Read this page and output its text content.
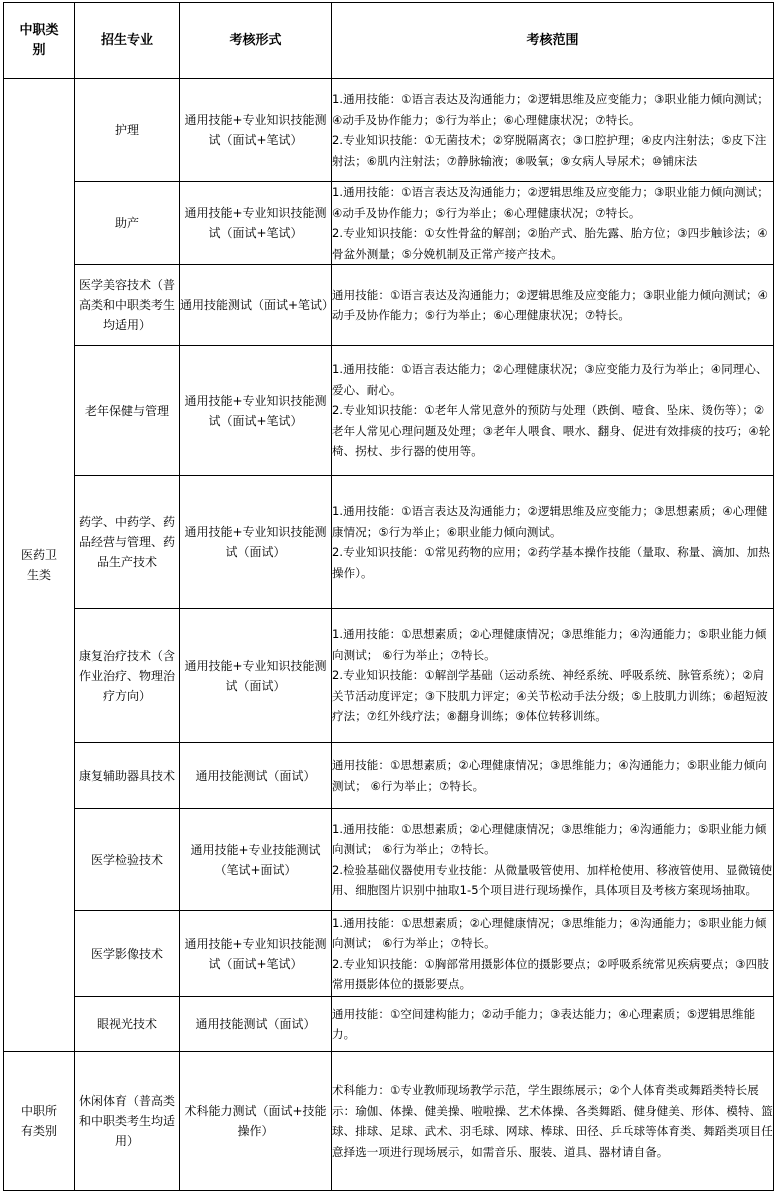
中职类别	招生专业	考核形式	考核范围
医药卫生类	护理	通用技能+专业知识技能测试（面试+笔试）	1.通用技能：①语言表达及沟通能力；②逻辑思维及应变能力；③职业能力倾向测试；④动手及协作能力；⑤行为举止；⑥心理健康状况；⑦特长。
2.专业知识技能：①无菌技术；②穿脱隔离衣；③口腔护理；④皮内注射法；⑤皮下注射法；⑥肌内注射法；⑦静脉输液；⑧吸氧；⑨女病人导尿术；⑩铺床法

	助产	通用技能+专业知识技能测试（面试+笔试）	1.通用技能：①语言表达及沟通能力；②逻辑思维及应变能力；③职业能力倾向测试；④动手及协作能力；⑤行为举止；⑥心理健康状况；⑦特长。
2.专业知识技能：①女性骨盆的解剖；②胎产式、胎先露、胎方位；③四步触诊法；④骨盆外测量；⑤分娩机制及正常产接产技术。

	医学美容技术（普高类和中职类考生均适用）	通用技能测试（面试+笔试）	通用技能：①语言表达及沟通能力；②逻辑思维及应变能力；③职业能力倾向测试；④动手及协作能力；⑤行为举止；⑥心理健康状况；⑦特长。

	老年保健与管理	通用技能+专业知识技能测试（面试+笔试）	1.通用技能：①语言表达能力；②心理健康状况；③应变能力及行为举止；④同理心、爱心、耐心。
2.专业知识技能：①老年人常见意外的预防与处理（跌倒、噎食、坠床、烫伤等）；②老年人常见心理问题及处理；③老年人喂食、喂水、翻身、促进有效排痰的技巧；④轮椅、拐杖、步行器的使用等。

	药学、中药学、药品经营与管理、药品生产技术	通用技能+专业知识技能测试（面试）	1.通用技能：①语言表达及沟通能力；②逻辑思维及应变能力；③思想素质；④心理健康情况；⑤行为举止；⑥职业能力倾向测试。
2.专业知识技能：①常见药物的应用；②药学基本操作技能（量取、称量、滴加、加热操作）。

	康复治疗技术（含作业治疗、物理治疗方向）	通用技能+专业知识技能测试（面试）	1.通用技能：①思想素质；②心理健康情况；③思维能力；④沟通能力；⑤职业能力倾向测试； ⑥行为举止；⑦特长。
2.专业知识技能：①解剖学基础（运动系统、神经系统、呼吸系统、脉管系统）；②肩关节活动度评定；③下肢肌力评定；④关节松动手法分级；⑤上肢肌力训练；⑥超短波疗法；⑦红外线疗法；⑧翻身训练；⑨体位转移训练。

	康复辅助器具技术	通用技能测试（面试）	通用技能：①思想素质；②心理健康情况；③思维能力；④沟通能力；⑤职业能力倾向测试； ⑥行为举止；⑦特长。

	医学检验技术	通用技能+专业技能测试（笔试+面试）	1.通用技能：①思想素质；②心理健康情况；③思维能力；④沟通能力；⑤职业能力倾向测试； ⑥行为举止；⑦特长。
2.检验基础仪器使用专业技能：从微量吸管使用、加样枪使用、移液管使用、显微镜使用、细胞图片识别中抽取1-5个项目进行现场操作，具体项目及考核方案现场抽取。

	医学影像技术	通用技能+专业知识技能测试（面试+笔试）	1.通用技能：①思想素质；②心理健康情况；③思维能力；④沟通能力；⑤职业能力倾向测试； ⑥行为举止；⑦特长。
2.专业知识技能：①胸部常用摄影体位的摄影要点；②呼吸系统常见疾病要点；③四肢常用摄影体位的摄影要点。

	眼视光技术	通用技能测试（面试）	通用技能：①空间建构能力；②动手能力；③表达能力；④心理素质；⑤逻辑思维能力。

中职所有类别	休闲体育（普高类和中职类考生均适用）	术科能力测试（面试+技能操作）	术科能力：①专业教师现场教学示范，学生跟练展示；②个人体育类或舞蹈类特长展示：瑜伽、体操、健美操、啦啦操、艺术体操、各类舞蹈、健身健美、形体、模特、篮球、排球、足球、武术、羽毛球、网球、棒球、田径、乒乓球等体育类、舞蹈类项目任意择选一项进行现场展示，如需音乐、服装、道具、器材请自备。
